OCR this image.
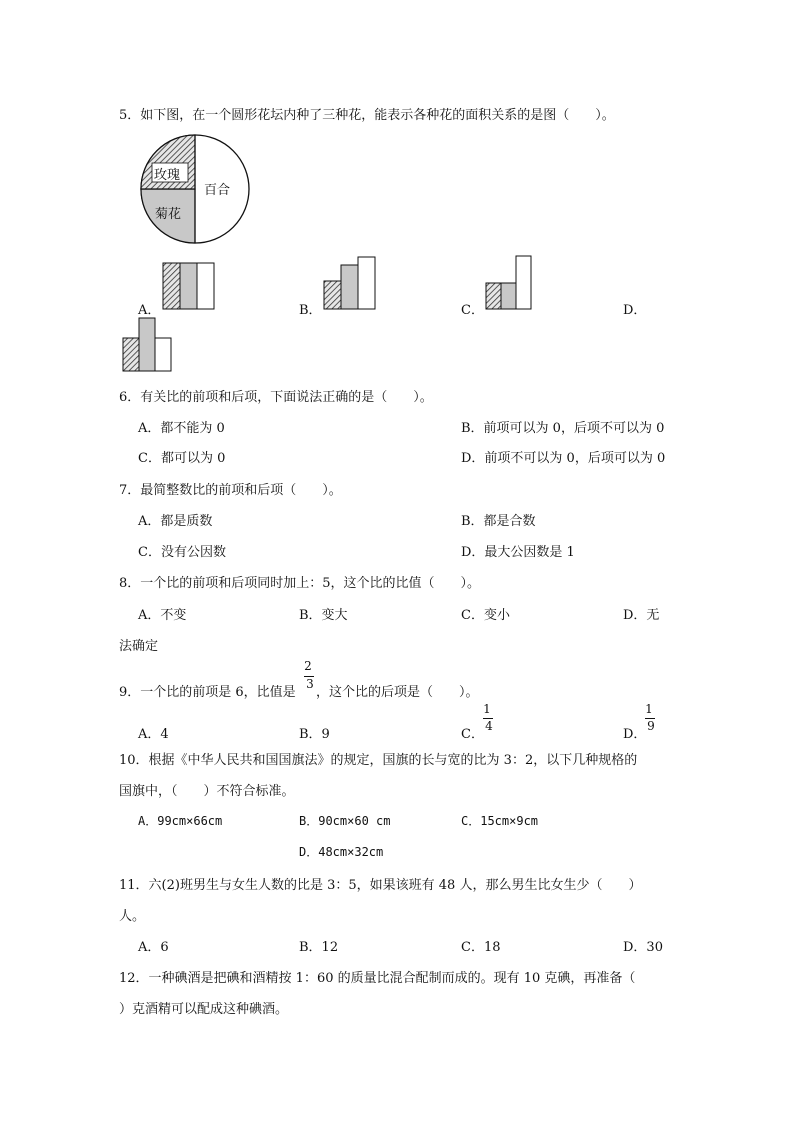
5．如下图，在一个圆形花坛内种了三种花，能表示各种花的面积关系的是图（　　）。
玫瑰
百合
菊花
A．	B．	C．	D．
6．有关比的前项和后项，下面说法正确的是（　　）。
A．都不能为 0	B．前项可以为 0，后项不可以为 0
C．都可以为 0	D．前项不可以为 0，后项可以为 0
7．最简整数比的前项和后项（　　）。
A．都是质数	B．都是合数
C．没有公因数	D．最大公因数是 1
8．一个比的前项和后项同时加上：5，这个比的比值（　　）。
A．不变	B．变大	C．变小	D．无
法确定
9．一个比的前项是 6，比值是
2
3
，这个比的后项是（　　）。
A．4	B．9	C．
1
4
D．
1
9
10．根据《中华人民共和国国旗法》的规定，国旗的长与宽的比为 3：2，以下几种规格的
国旗中，（　　）不符合标准。
A．99cm×66cm	B．90cm×60 cm	C．15cm×9cm
D．48cm×32cm
11．六(2)班男生与女生人数的比是 3：5，如果该班有 48 人，那么男生比女生少（　　）
人。
A．6	B．12	C．18	D．30
12．一种碘酒是把碘和酒精按 1：60 的质量比混合配制而成的。现有 10 克碘，再准备（
）克酒精可以配成这种碘酒。
